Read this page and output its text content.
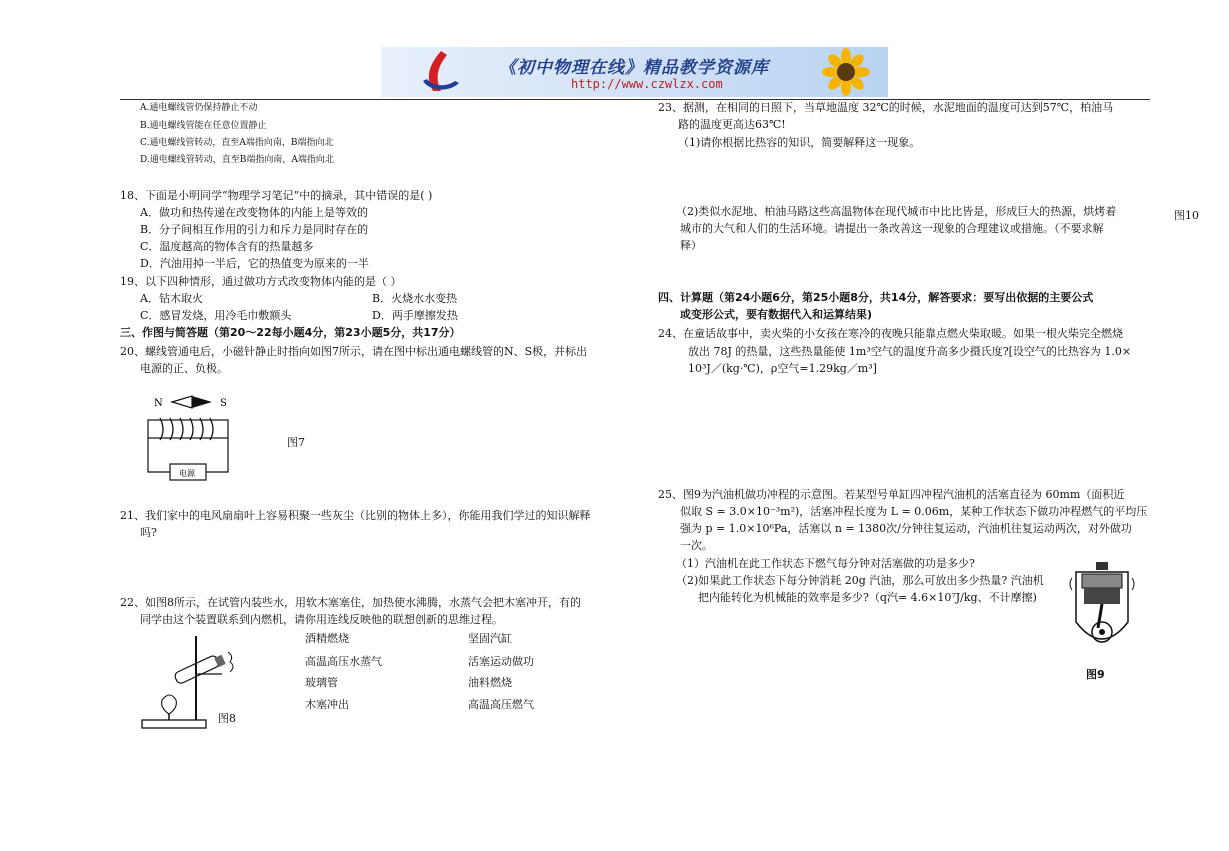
《初中物理在线》精品教学资源库
http://www.czwlzx.com
A.通电螺线管仍保持静止不动
B.通电螺线管能在任意位置静止
C.通电螺线管转动，直至A端指向南，B端指向北
D.通电螺线管转动，直至B端指向南，A端指向北
18、下面是小明同学“物理学习笔记”中的摘录，其中错误的是( )
A．做功和热传递在改变物体的内能上是等效的
B．分子间相互作用的引力和斥力是同时存在的
C．温度越高的物体含有的热量越多
D．汽油用掉一半后，它的热值变为原来的一半
19、以下四种情形，通过做功方式改变物体内能的是（ ）
A．钻木取火	B．火烧水水变热
C．感冒发烧，用冷毛巾敷额头	D．两手摩擦发热
三、作图与简答题（第20～22每小题4分，第23小题5分，共17分）
20、螺线管通电后，小磁针静止时指向如图7所示，请在图中标出通电螺线管的N、S极，并标出
电源的正、负极。
N	S
电源
图7
21、我们家中的电风扇扇叶上容易积聚一些灰尘（比别的物体上多），你能用我们学过的知识解释
吗?
22、如图8所示，在试管内装些水，用软木塞塞住，加热使水沸腾，水蒸气会把木塞冲开，有的
同学由这个装置联系到内燃机，请你用连线反映他的联想创新的思维过程。
图8
酒精燃烧
高温高压水蒸气
玻璃管
木塞冲出
坚固汽缸
活塞运动做功
油料燃烧
高温高压燃气
23、据测，在相同的日照下，当草地温度 32℃的时候，水泥地面的温度可达到57℃，柏油马
路的温度更高达63℃!
（1)请你根据比热容的知识，简要解释这一现象。
（2)类似水泥地、柏油马路这些高温物体在现代城市中比比皆是，形成巨大的热源，烘烤着
城市的大气和人们的生活环境。请提出一条改善这一现象的合理建议或措施。（不要求解
释）
图10
四、计算题（第24小题6分，第25小题8分，共14分，解答要求：要写出依据的主要公式
或变形公式，要有数据代入和运算结果)
24、在童话故事中，卖火柴的小女孩在寒冷的夜晚只能靠点燃火柴取暖。如果一根火柴完全燃烧
放出 78J 的热量，这些热量能使 1m³空气的温度升高多少摄氏度?[设空气的比热容为 1.0×
10³J／(kg·℃)，ρ空气=1.29kg／m³]
25、图9为汽油机做功冲程的示意图。若某型号单缸四冲程汽油机的活塞直径为 60mm（面积近
似取 S = 3.0×10⁻³m²)，活塞冲程长度为 L = 0.06m，某种工作状态下做功冲程燃气的平均压
强为 p = 1.0×10⁶Pa，活塞以 n = 1380次/分钟往复运动，汽油机往复运动两次，对外做功
一次。
（1）汽油机在此工作状态下燃气每分钟对活塞做的功是多少?
（2)如果此工作状态下每分钟消耗 20g 汽油，那么可放出多少热量? 汽油机
把内能转化为机械能的效率是多少?（q汽= 4.6×10⁷J/kg、不计摩擦)
图9
